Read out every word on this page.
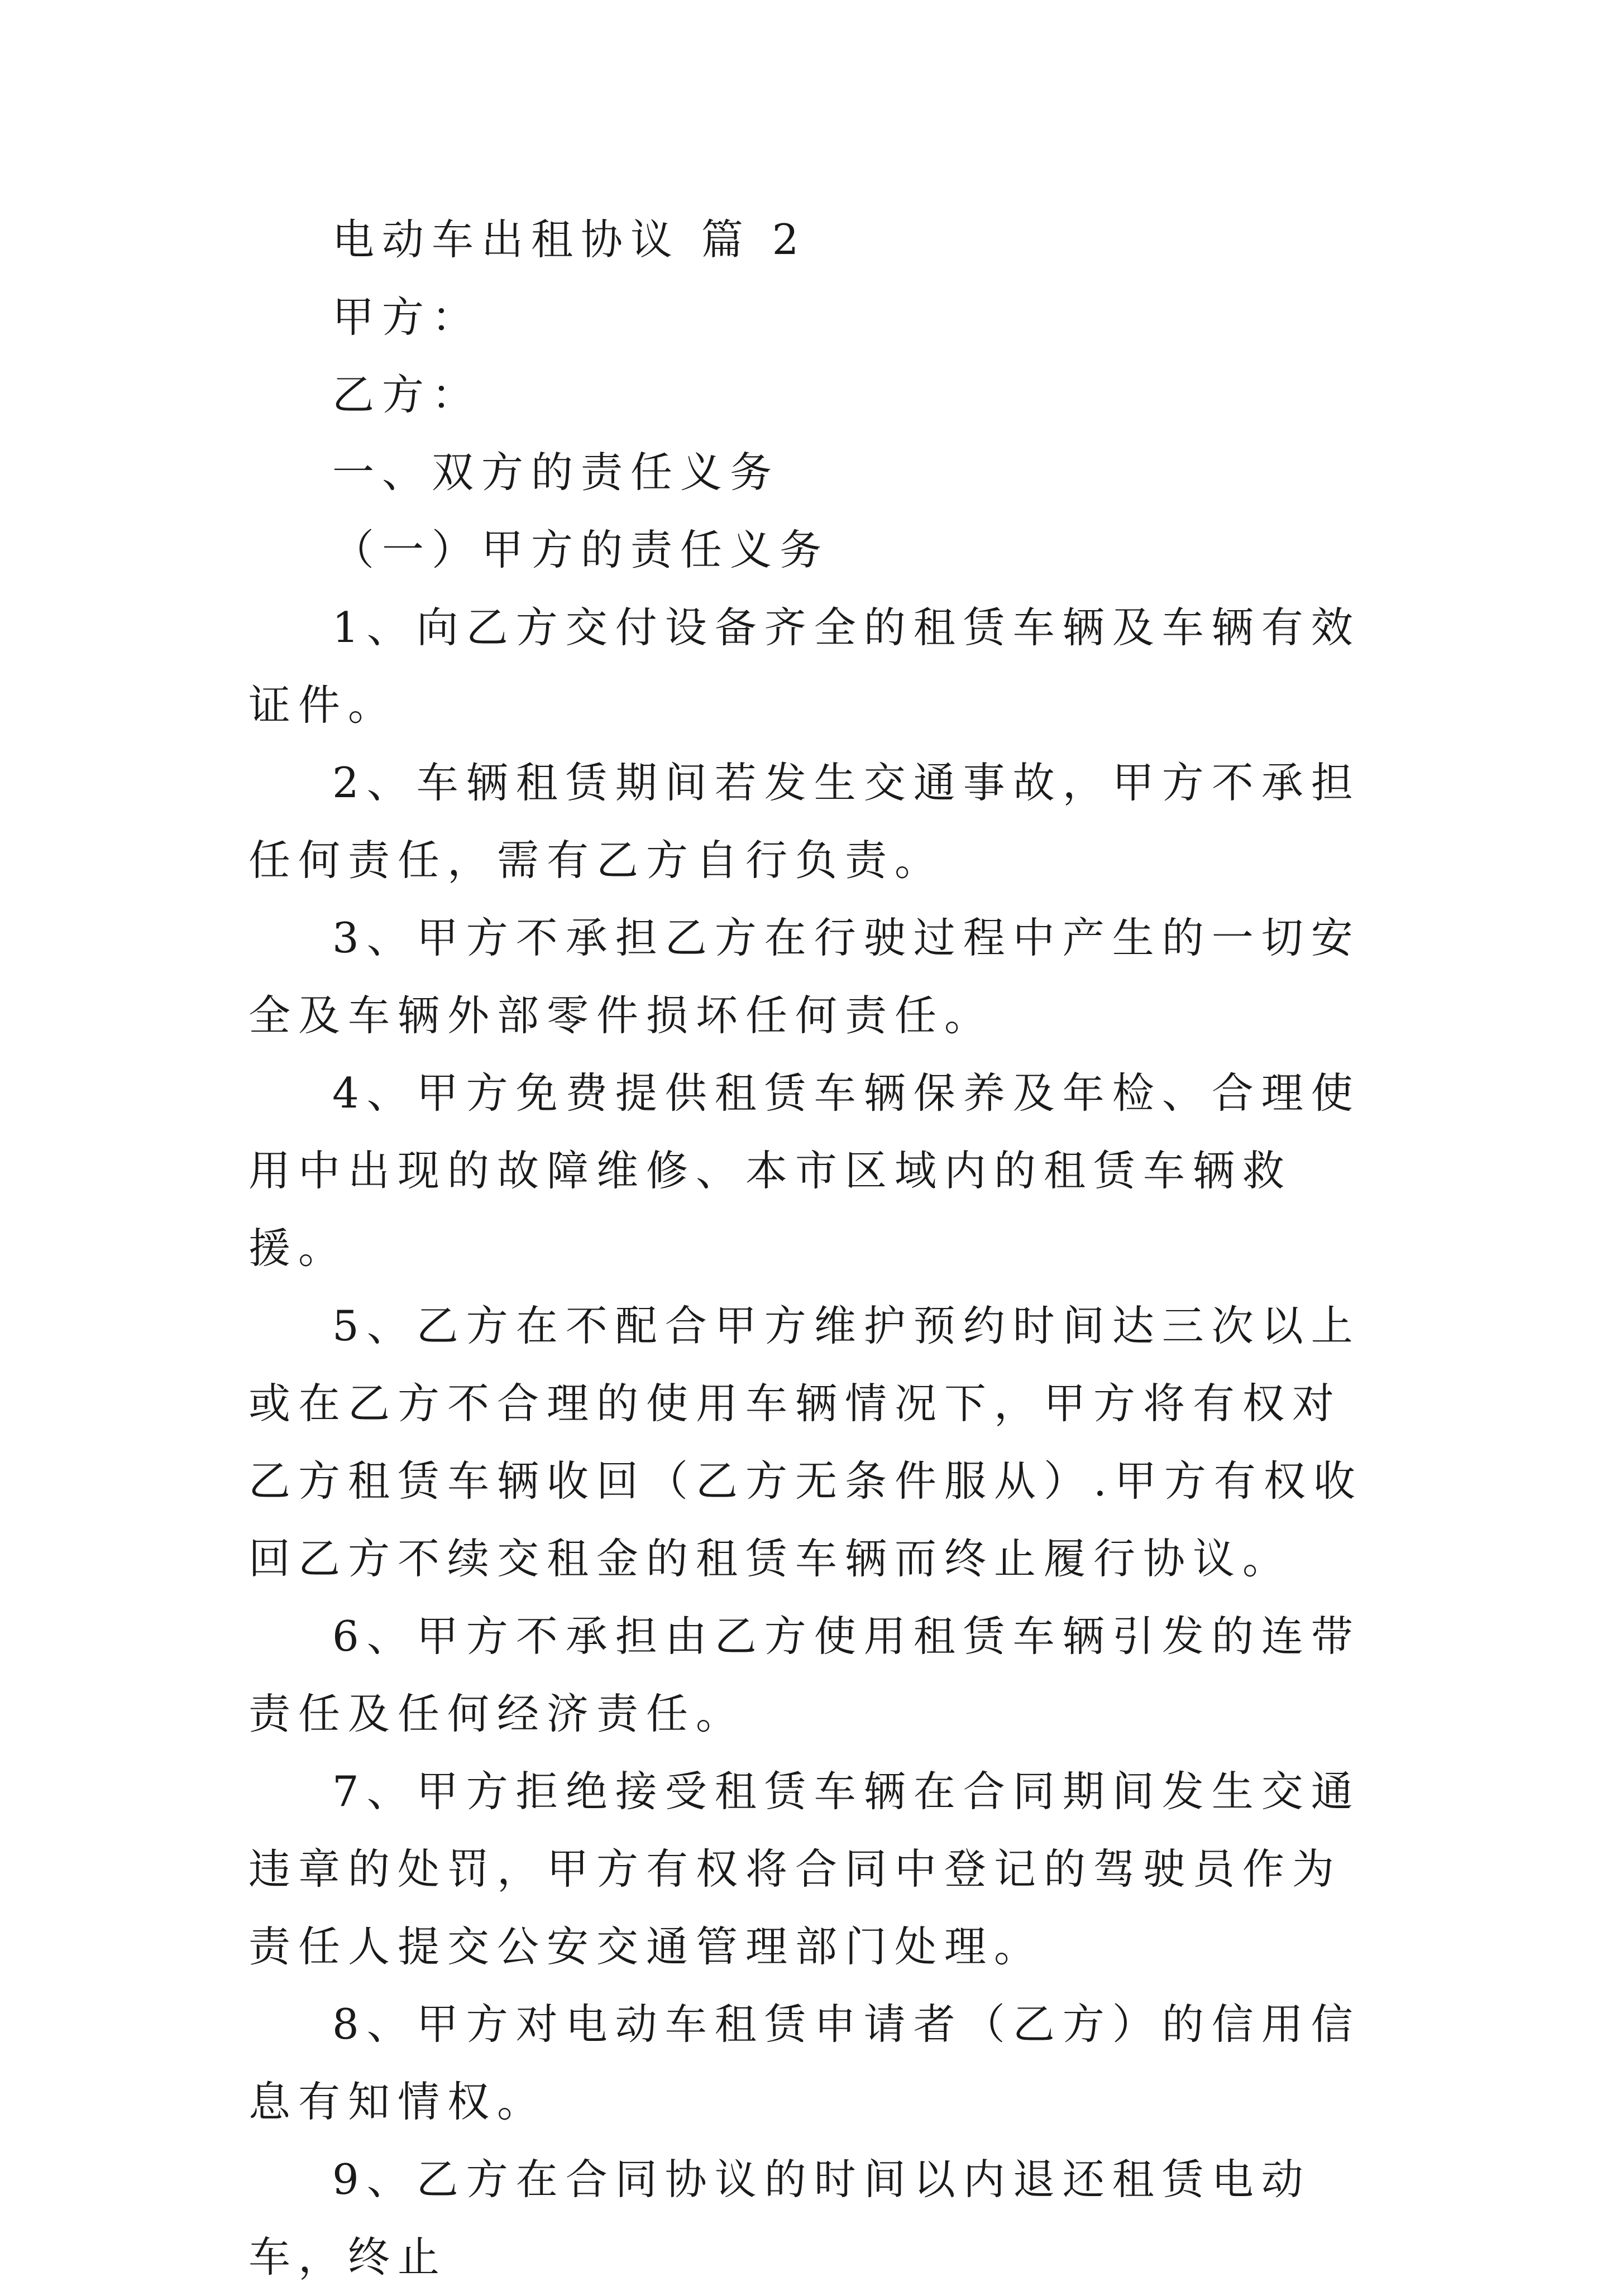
电动车出租协议 篇 2

甲方：

乙方：

一、双方的责任义务

（一）甲方的责任义务

1、向乙方交付设备齐全的租赁车辆及车辆有效证件。

2、车辆租赁期间若发生交通事故，甲方不承担任何责任，需有乙方自行负责。

3、甲方不承担乙方在行驶过程中产生的一切安全及车辆外部零件损坏任何责任。

4、甲方免费提供租赁车辆保养及年检、合理使用中出现的故障维修、本市区域内的租赁车辆救援。

5、乙方在不配合甲方维护预约时间达三次以上或在乙方不合理的使用车辆情况下，甲方将有权对乙方租赁车辆收回（乙方无条件服从）.甲方有权收回乙方不续交租金的租赁车辆而终止履行协议。

6、甲方不承担由乙方使用租赁车辆引发的连带责任及任何经济责任。

7、甲方拒绝接受租赁车辆在合同期间发生交通违章的处罚，甲方有权将合同中登记的驾驶员作为责任人提交公安交通管理部门处理。

8、甲方对电动车租赁申请者（乙方）的信用信息有知情权。

9、乙方在合同协议的时间以内退还租赁电动车，终止
